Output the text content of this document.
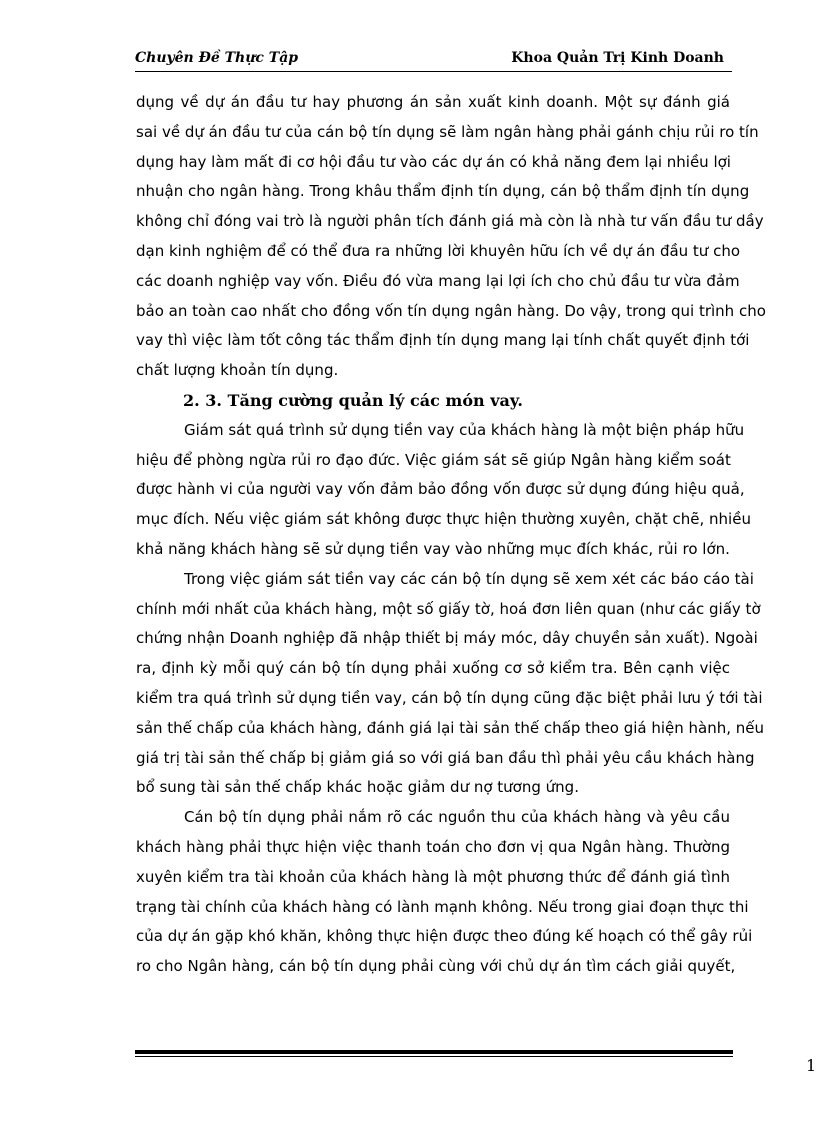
Chuyên Đề Thực Tập	Khoa Quản Trị Kinh Doanh
dụng về dự án đầu tư hay phương án sản xuất kinh doanh. Một sự đánh giá
sai về dự án đầu tư của cán bộ tín dụng sẽ làm ngân hàng phải gánh chịu rủi ro tín
dụng hay làm mất đi cơ hội đầu tư vào các dự án có khả năng đem lại nhiều lợi
nhuận cho ngân hàng. Trong khâu thẩm định tín dụng, cán bộ thẩm định tín dụng
không chỉ đóng vai trò là người phân tích đánh giá mà còn là nhà tư vấn đầu tư dầy
dạn kinh nghiệm để có thể đưa ra những lời khuyên hữu ích về dự án đầu tư cho
các doanh nghiệp vay vốn. Điều đó vừa mang lại lợi ích cho chủ đầu tư vừa đảm
bảo an toàn cao nhất cho đồng vốn tín dụng ngân hàng. Do vậy, trong qui trình cho
vay thì việc làm tốt công tác thẩm định tín dụng mang lại tính chất quyết định tới
chất lượng khoản tín dụng.
2. 3. Tăng cường quản lý các món vay.
Giám sát quá trình sử dụng tiền vay của khách hàng là một biện pháp hữu
hiệu để phòng ngừa rủi ro đạo đức. Việc giám sát sẽ giúp Ngân hàng kiểm soát
được hành vi của người vay vốn đảm bảo đồng vốn được sử dụng đúng hiệu quả,
mục đích. Nếu việc giám sát không được thực hiện thường xuyên, chặt chẽ, nhiều
khả năng khách hàng sẽ sử dụng tiền vay vào những mục đích khác, rủi ro lớn.
Trong việc giám sát tiền vay các cán bộ tín dụng sẽ xem xét các báo cáo tài
chính mới nhất của khách hàng, một số giấy tờ, hoá đơn liên quan (như các giấy tờ
chứng nhận Doanh nghiệp đã nhập thiết bị máy móc, dây chuyền sản xuất). Ngoài
ra, định kỳ mỗi quý cán bộ tín dụng phải xuống cơ sở kiểm tra. Bên cạnh việc
kiểm tra quá trình sử dụng tiền vay, cán bộ tín dụng cũng đặc biệt phải lưu ý tới tài
sản thế chấp của khách hàng, đánh giá lại tài sản thế chấp theo giá hiện hành, nếu
giá trị tài sản thế chấp bị giảm giá so với giá ban đầu thì phải yêu cầu khách hàng
bổ sung tài sản thế chấp khác hoặc giảm dư nợ tương ứng.
Cán bộ tín dụng phải nắm rõ các nguồn thu của khách hàng và yêu cầu
khách hàng phải thực hiện việc thanh toán cho đơn vị qua Ngân hàng. Thường
xuyên kiểm tra tài khoản của khách hàng là một phương thức để đánh giá tình
trạng tài chính của khách hàng có lành mạnh không. Nếu trong giai đoạn thực thi
của dự án gặp khó khăn, không thực hiện được theo đúng kế hoạch có thể gây rủi
ro cho Ngân hàng, cán bộ tín dụng phải cùng với chủ dự án tìm cách giải quyết,
1
